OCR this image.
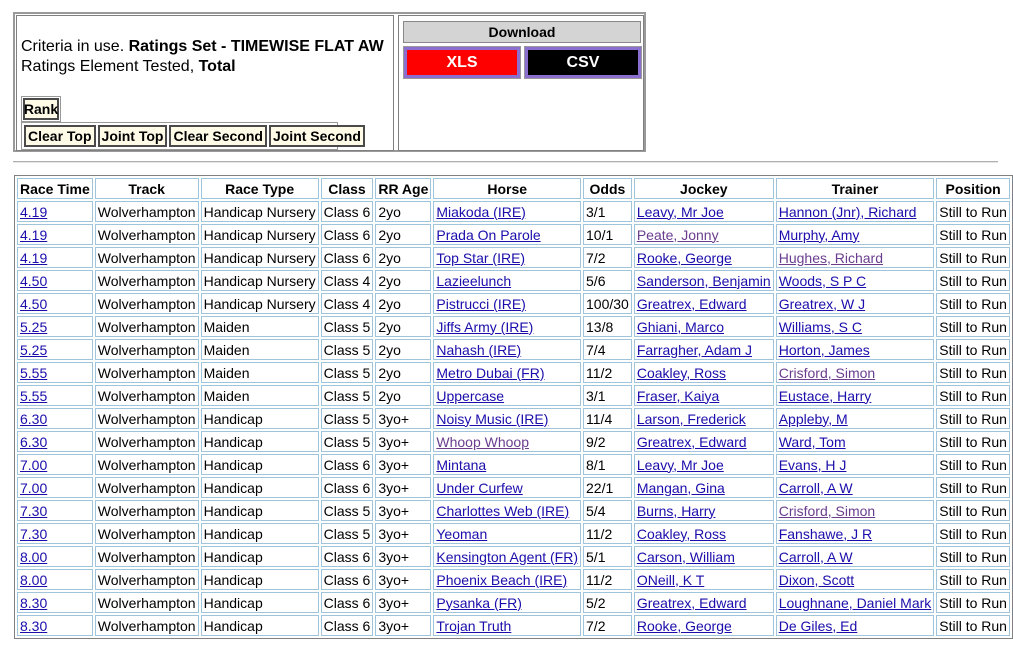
Criteria in use. Ratings Set - TIMEWISE FLAT AW
Ratings Element Tested, Total
Rank
Clear Top Joint Top Clear Second Joint Second
Download
XLS	CSV
Race Time	Track	Race Type	Class	RR Age	Horse	Odds	Jockey	Trainer	Position
4.19	Wolverhampton	Handicap Nursery	Class 6	2yo	Miakoda (IRE)	3/1	Leavy, Mr Joe	Hannon (Jnr), Richard	Still to Run
4.19	Wolverhampton	Handicap Nursery	Class 6	2yo	Prada On Parole	10/1	Peate, Jonny	Murphy, Amy	Still to Run
4.19	Wolverhampton	Handicap Nursery	Class 6	2yo	Top Star (IRE)	7/2	Rooke, George	Hughes, Richard	Still to Run
4.50	Wolverhampton	Handicap Nursery	Class 4	2yo	Lazieelunch	5/6	Sanderson, Benjamin	Woods, S P C	Still to Run
4.50	Wolverhampton	Handicap Nursery	Class 4	2yo	Pistrucci (IRE)	100/30	Greatrex, Edward	Greatrex, W J	Still to Run
5.25	Wolverhampton	Maiden	Class 5	2yo	Jiffs Army (IRE)	13/8	Ghiani, Marco	Williams, S C	Still to Run
5.25	Wolverhampton	Maiden	Class 5	2yo	Nahash (IRE)	7/4	Farragher, Adam J	Horton, James	Still to Run
5.55	Wolverhampton	Maiden	Class 5	2yo	Metro Dubai (FR)	11/2	Coakley, Ross	Crisford, Simon	Still to Run
5.55	Wolverhampton	Maiden	Class 5	2yo	Uppercase	3/1	Fraser, Kaiya	Eustace, Harry	Still to Run
6.30	Wolverhampton	Handicap	Class 5	3yo+	Noisy Music (IRE)	11/4	Larson, Frederick	Appleby, M	Still to Run
6.30	Wolverhampton	Handicap	Class 5	3yo+	Whoop Whoop	9/2	Greatrex, Edward	Ward, Tom	Still to Run
7.00	Wolverhampton	Handicap	Class 6	3yo+	Mintana	8/1	Leavy, Mr Joe	Evans, H J	Still to Run
7.00	Wolverhampton	Handicap	Class 6	3yo+	Under Curfew	22/1	Mangan, Gina	Carroll, A W	Still to Run
7.30	Wolverhampton	Handicap	Class 5	3yo+	Charlottes Web (IRE)	5/4	Burns, Harry	Crisford, Simon	Still to Run
7.30	Wolverhampton	Handicap	Class 5	3yo+	Yeoman	11/2	Coakley, Ross	Fanshawe, J R	Still to Run
8.00	Wolverhampton	Handicap	Class 6	3yo+	Kensington Agent (FR)	5/1	Carson, William	Carroll, A W	Still to Run
8.00	Wolverhampton	Handicap	Class 6	3yo+	Phoenix Beach (IRE)	11/2	ONeill, K T	Dixon, Scott	Still to Run
8.30	Wolverhampton	Handicap	Class 6	3yo+	Pysanka (FR)	5/2	Greatrex, Edward	Loughnane, Daniel Mark	Still to Run
8.30	Wolverhampton	Handicap	Class 6	3yo+	Trojan Truth	7/2	Rooke, George	De Giles, Ed	Still to Run
